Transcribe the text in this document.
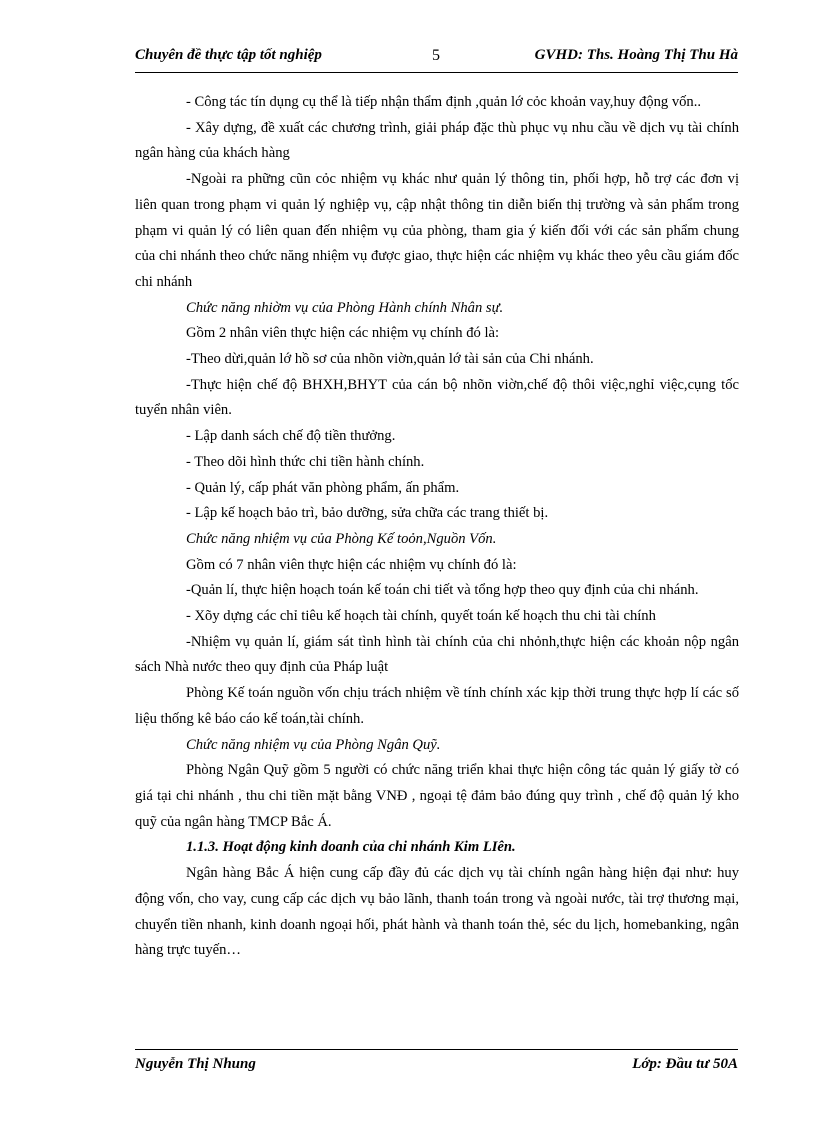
Chuyên đề thực tập tốt nghiệp	5	GVHD: Ths. Hoàng Thị Thu Hà

- Công tác tín dụng cụ thể là tiếp nhận thẩm định ,quản lớ cỏc khoản vay,huy động vốn..

- Xây dựng, đề xuất các chương trình, giải pháp đặc thù phục vụ nhu cầu về dịch vụ tài chính ngân hàng của khách hàng

-Ngoài ra phững cũn cỏc nhiệm vụ khác như quản lý thông tin, phối hợp, hỗ trợ các đơn vị liên quan trong phạm vi quản lý nghiệp vụ, cập nhật thông tin diễn biến thị trường và sản phẩm trong phạm vi quản lý có liên quan đến nhiệm vụ của phòng, tham gia ý kiến đối với các sản phẩm chung của chi nhánh theo chức năng nhiệm vụ được giao, thực hiện các nhiệm vụ khác theo yêu cầu giám đốc chi nhánh

Chức năng nhiờm vụ của Phòng Hành chính Nhân sự.

Gồm 2 nhân viên thực hiện các nhiệm vụ chính đó là:

-Theo dừi,quản lớ hồ sơ của nhõn viờn,quản lớ tài sản của Chi nhánh.

-Thực hiện chế độ BHXH,BHYT của cán bộ nhõn viờn,chế độ thôi việc,nghỉ việc,cụng tốc tuyển nhân viên.

- Lập danh sách chế độ tiền thưởng.

- Theo dõi hình thức chi tiền hành chính.

- Quản lý, cấp phát văn phòng phẩm, ấn phẩm.

- Lập kế hoạch bảo trì, bảo dưỡng, sửa chữa các trang thiết bị.

Chức năng nhiệm vụ của Phòng Kế toỏn,Nguồn Vốn.

Gồm có 7 nhân viên thực hiện các nhiệm vụ chính đó là:

-Quản lí, thực hiện hoạch toán kế toán chi tiết và tổng hợp theo quy định của chi nhánh.

- Xõy dựng các chỉ tiêu kế hoạch tài chính, quyết toán kế hoạch thu chi tài chính

-Nhiệm vụ quản lí, giám sát tình hình tài chính của chi nhỏnh,thực hiện các khoản nộp ngân sách Nhà nước theo quy định của Pháp luật

Phòng Kế toán nguồn vốn chịu trách nhiệm về tính chính xác kịp thời trung thực hợp lí các số liệu thống kê báo cáo kế toán,tài chính.

Chức năng nhiệm vụ của Phòng Ngân Quỹ.

Phòng Ngân Quỹ gồm 5 người có chức năng triển khai thực hiện công tác quản lý giấy tờ có giá tại chi nhánh , thu chi tiền mặt bằng VNĐ , ngoại tệ đảm bảo đúng quy trình , chế độ quản lý kho quỹ của ngân hàng TMCP Bắc Á.

1.1.3. Hoạt động kinh doanh của chi nhánh Kim LIên.

Ngân hàng Bắc Á hiện cung cấp đầy đủ các dịch vụ tài chính ngân hàng hiện đại như: huy động vốn, cho vay, cung cấp các dịch vụ bảo lãnh, thanh toán trong và ngoài nước, tài trợ thương mại, chuyển tiền nhanh, kinh doanh ngoại hối, phát hành và thanh toán thẻ, séc du lịch, homebanking, ngân hàng trực tuyến…

Nguyễn Thị Nhung	Lớp: Đầu tư 50A
